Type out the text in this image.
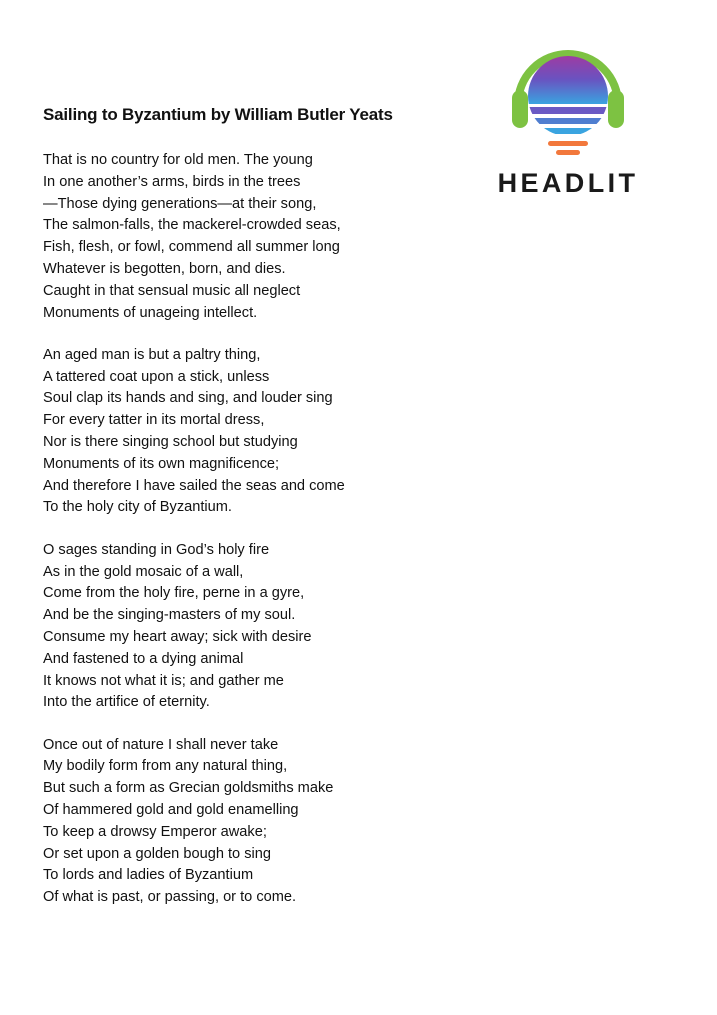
Sailing to Byzantium by William Butler Yeats
HEADLIT
That is no country for old men. The young
In one another’s arms, birds in the trees
—Those dying generations—at their song,
The salmon-falls, the mackerel-crowded seas,
Fish, flesh, or fowl, commend all summer long
Whatever is begotten, born, and dies.
Caught in that sensual music all neglect
Monuments of unageing intellect.
An aged man is but a paltry thing,
A tattered coat upon a stick, unless
Soul clap its hands and sing, and louder sing
For every tatter in its mortal dress,
Nor is there singing school but studying
Monuments of its own magnificence;
And therefore I have sailed the seas and come
To the holy city of Byzantium.
O sages standing in God’s holy fire
As in the gold mosaic of a wall,
Come from the holy fire, perne in a gyre,
And be the singing-masters of my soul.
Consume my heart away; sick with desire
And fastened to a dying animal
It knows not what it is; and gather me
Into the artifice of eternity.
Once out of nature I shall never take
My bodily form from any natural thing,
But such a form as Grecian goldsmiths make
Of hammered gold and gold enamelling
To keep a drowsy Emperor awake;
Or set upon a golden bough to sing
To lords and ladies of Byzantium
Of what is past, or passing, or to come.
